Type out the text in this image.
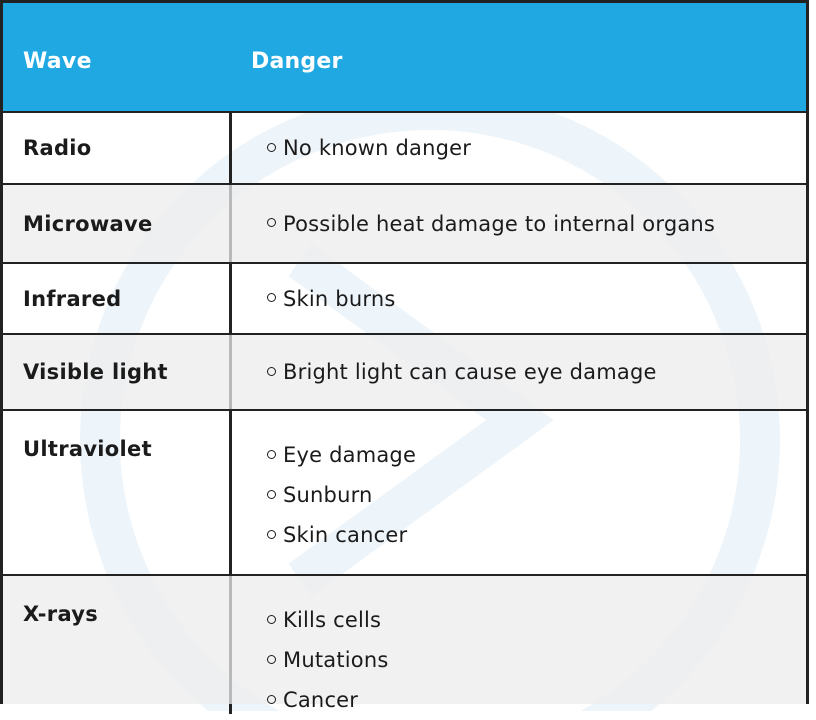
Wave	Danger
Radio	No known danger
Microwave	Possible heat damage to internal organs
Infrared	Skin burns
Visible light	Bright light can cause eye damage
Ultraviolet	Eye damage
Sunburn
Skin cancer
X-rays	Kills cells
Mutations
Cancer
